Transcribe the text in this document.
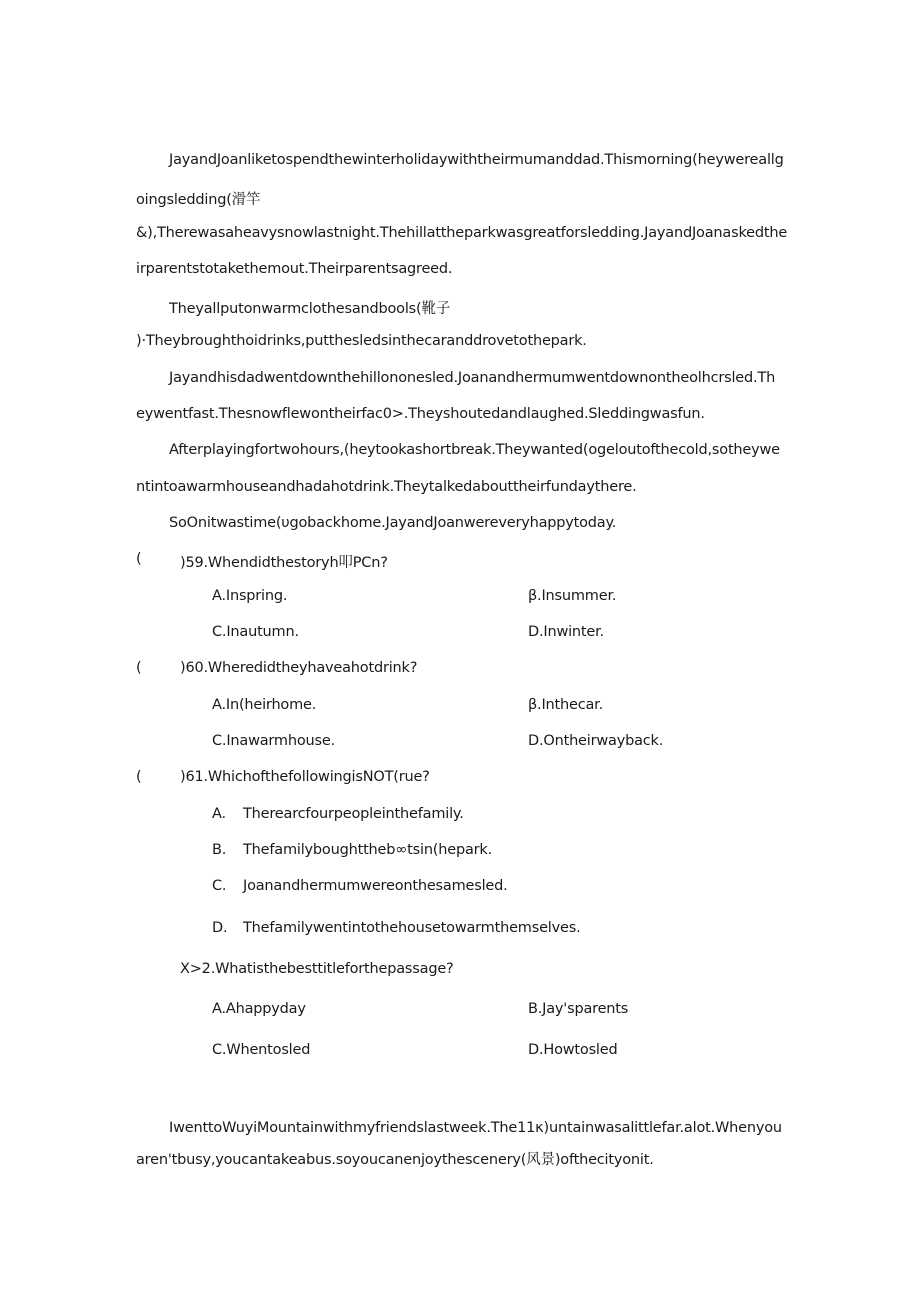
JayandJoanliketospendthewinterholidaywiththeirmumanddad.Thismorning(heywereallg
oingsledding(滑竿
&),Therewasaheavysnowlastnight.Thehillattheparkwasgreatforsledding.JayandJoanaskedthe
irparentstotakethemout.Theirparentsagreed.
Theyallputonwarmclothesandbools(靴子
)·Theybroughthoidrinks,putthesledsinthecaranddrovetothepark.
Jayandhisdadwentdownthehillononesled.Joanandhermumwentdownontheolhcrsled.Th
eywentfast.Thesnowflewontheirfac0>.Theyshoutedandlaughed.Sleddingwasfun.
Afterplayingfortwohours,(heytookashortbreak.Theywanted(ogeloutofthecold,sotheywe
ntintoawarmhouseandhadahotdrink.Theytalkedabouttheirfundaythere.
SoOnitwastime(υgobackhome.JayandJoanwereveryhappytoday.
(	)59.Whendidthestoryh叩PCn?
A.Inspring.	β.Insummer.
C.Inautumn.	D.Inwinter.
(	)60.Wheredidtheyhaveahotdrink?
A.In(heirhome.	β.Inthecar.
C.Inawarmhouse.	D.Ontheirwayback.
(	)61.WhichofthefollowingisNOT(rue?
A. Therearcfourpeopleinthefamily.
B. Thefamilyboughttheb∞tsin(hepark.
C. Joanandhermumwereonthesamesled.
D. Thefamilywentintothehousetowarmthemselves.
X>2.Whatisthebesttitleforthepassage?
A.Ahappyday	B.Jay'sparents
C.Whentosled	D.Howtosled
IwenttoWuyiMountainwithmyfriendslastweek.The11κ)untainwasalittlefar.alot.Whenyou
aren'tbusy,youcantakeabus.soyoucanenjoythescenery(风景)ofthecityonit.
